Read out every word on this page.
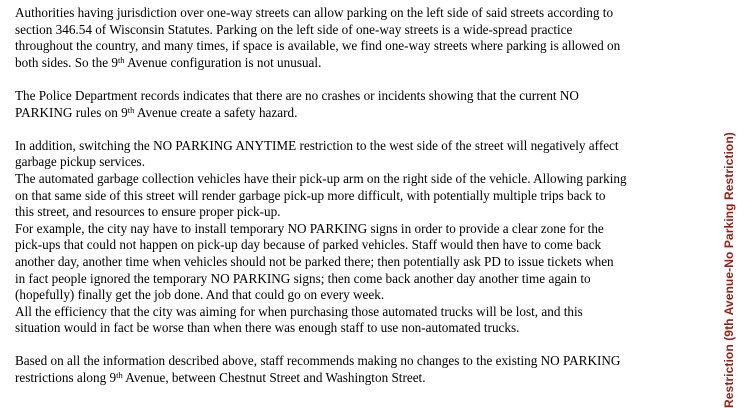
Authorities having jurisdiction over one-way streets can allow parking on the left side of said streets according to
section 346.54 of Wisconsin Statutes. Parking on the left side of one-way streets is a wide-spread practice
throughout the country, and many times, if space is available, we find one-way streets where parking is allowed on
both sides. So the 9th Avenue configuration is not unusual.

The Police Department records indicates that there are no crashes or incidents showing that the current NO
PARKING rules on 9th Avenue create a safety hazard.

In addition, switching the NO PARKING ANYTIME restriction to the west side of the street will negatively affect
garbage pickup services.
The automated garbage collection vehicles have their pick-up arm on the right side of the vehicle. Allowing parking
on that same side of this street will render garbage pick-up more difficult, with potentially multiple trips back to
this street, and resources to ensure proper pick-up.
For example, the city nay have to install temporary NO PARKING signs in order to provide a clear zone for the
pick-ups that could not happen on pick-up day because of parked vehicles. Staff would then have to come back
another day, another time when vehicles should not be parked there; then potentially ask PD to issue tickets when
in fact people ignored the temporary NO PARKING signs; then come back another day another time again to
(hopefully) finally get the job done. And that could go on every week.
All the efficiency that the city was aiming for when purchasing those automated trucks will be lost, and this
situation would in fact be worse than when there was enough staff to use non-automated trucks.

Based on all the information described above, staff recommends making no changes to the existing NO PARKING
restrictions along 9th Avenue, between Chestnut Street and Washington Street.	Restriction (9th Avenue-No Parking Restriction)
